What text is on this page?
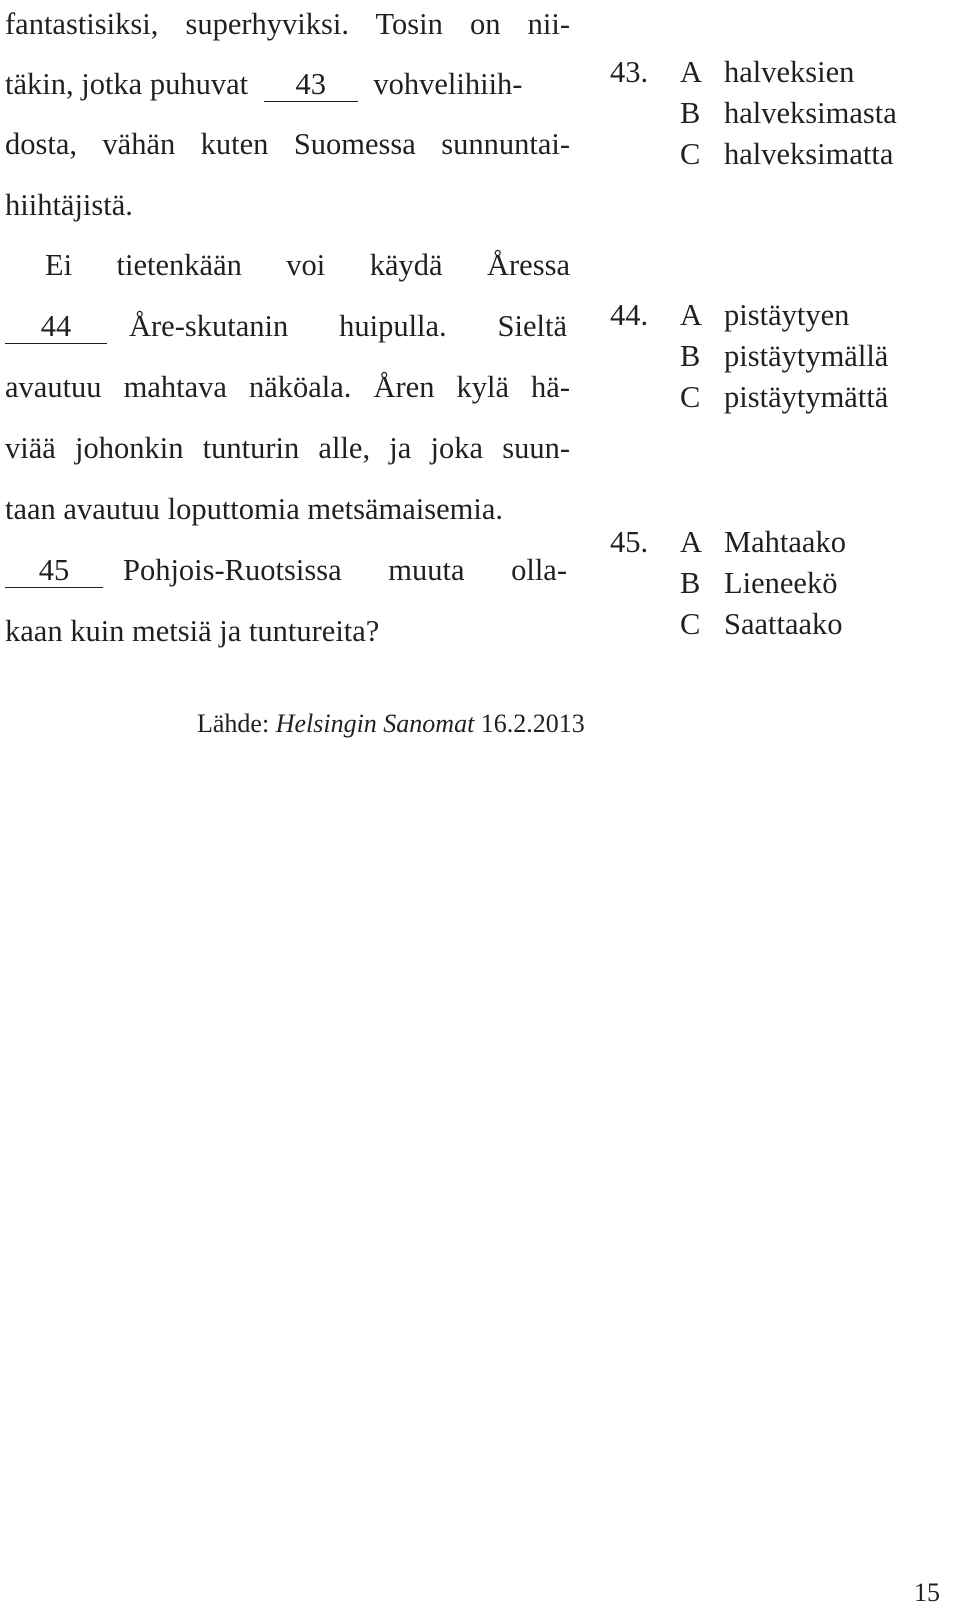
fantastisiksi, superhyviksi. Tosin on nii-
täkin, jotka puhuvat 43 vohvelihiih-
dosta, vähän kuten Suomessa sunnuntai-
hiihtäjistä.
Ei tietenkään voi käydä Åressa
44 Åre-skutanin huipulla. Sieltä
avautuu mahtava näköala. Åren kylä hä-
viää johonkin tunturin alle, ja joka suun-
taan avautuu loputtomia metsämaisemia.
45 Pohjois-Ruotsissa muuta olla-
kaan kuin metsiä ja tuntureita?
43.	A halveksien
B halveksimasta
C halveksimatta
44.	A pistäytyen
B pistäytymällä
C pistäytymättä
45.	A Mahtaako
B Lieneekö
C Saattaako
Lähde: Helsingin Sanomat 16.2.2013
15
